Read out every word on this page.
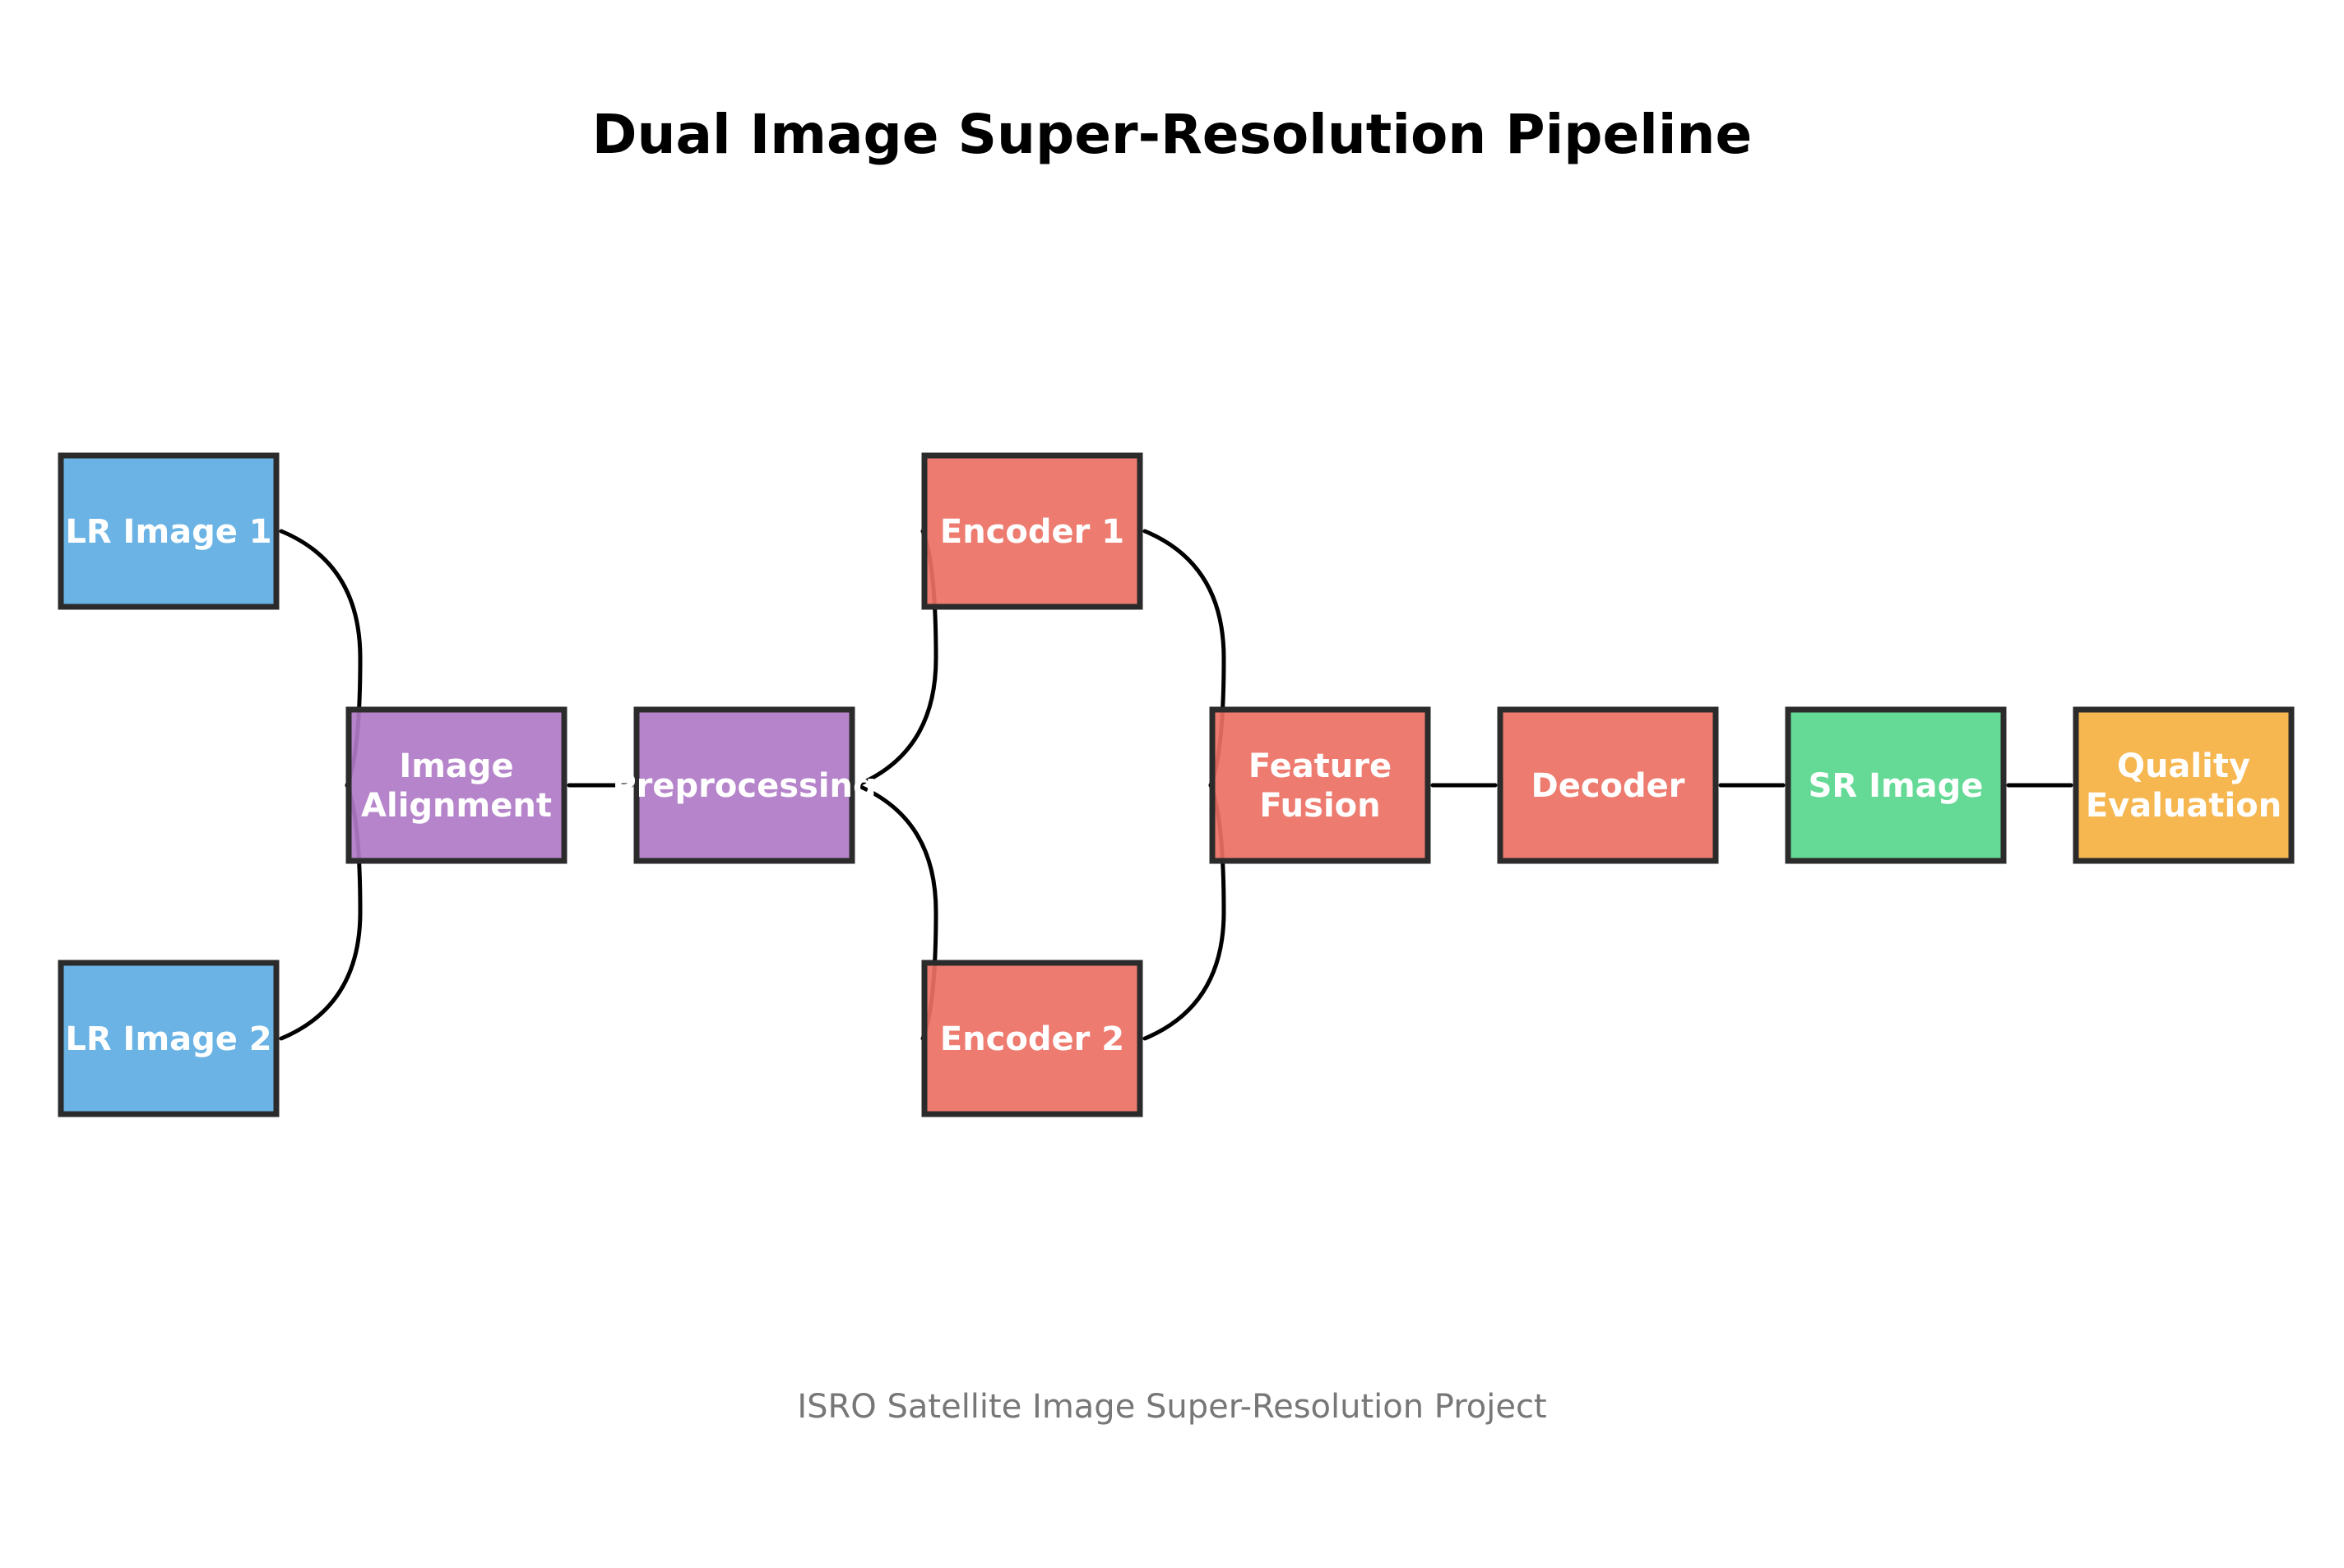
Dual Image Super-Resolution Pipeline
LR Image 1
LR Image 2
Image
Alignment
Preprocessing
Encoder 1
Encoder 2
Feature
Fusion
Decoder	SR Image
Quality
Evaluation
ISRO Satellite Image Super-Resolution Project
